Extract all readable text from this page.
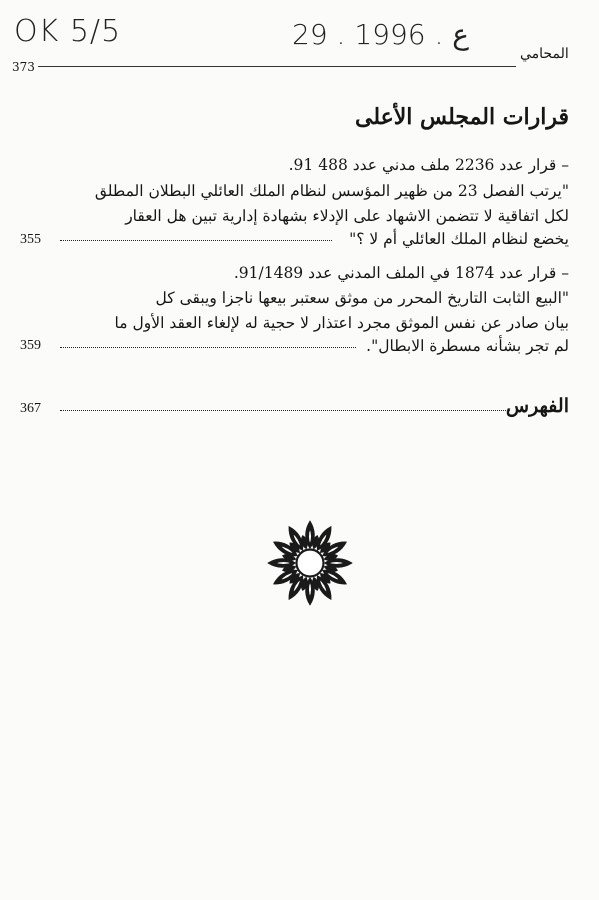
OK 5/5	29 . ع . 1996
المحامي
373
قرارات المجلس الأعلى
– قرار عدد 2236 ملف مدني عدد 488 91.
"يرتب الفصل 23 من ظهير المؤسس لنظام الملك العائلي البطلان المطلق
لكل اتفاقية لا تتضمن الاشهاد على الإدلاء بشهادة إدارية تبين هل العقار
يخضع لنظام الملك العائلي أم لا ؟"
355
– قرار عدد 1874 في الملف المدني عدد 91/1489.
"البيع الثابت التاريخ المحرر من موثق سعتبر بيعها ناجزا ويبقى كل
بيان صادر عن نفس الموثق مجرد اعتذار لا حجية له لإلغاء العقد الأول ما
لم تجر بشأنه مسطرة الابطال".
359
الفهرس
367
